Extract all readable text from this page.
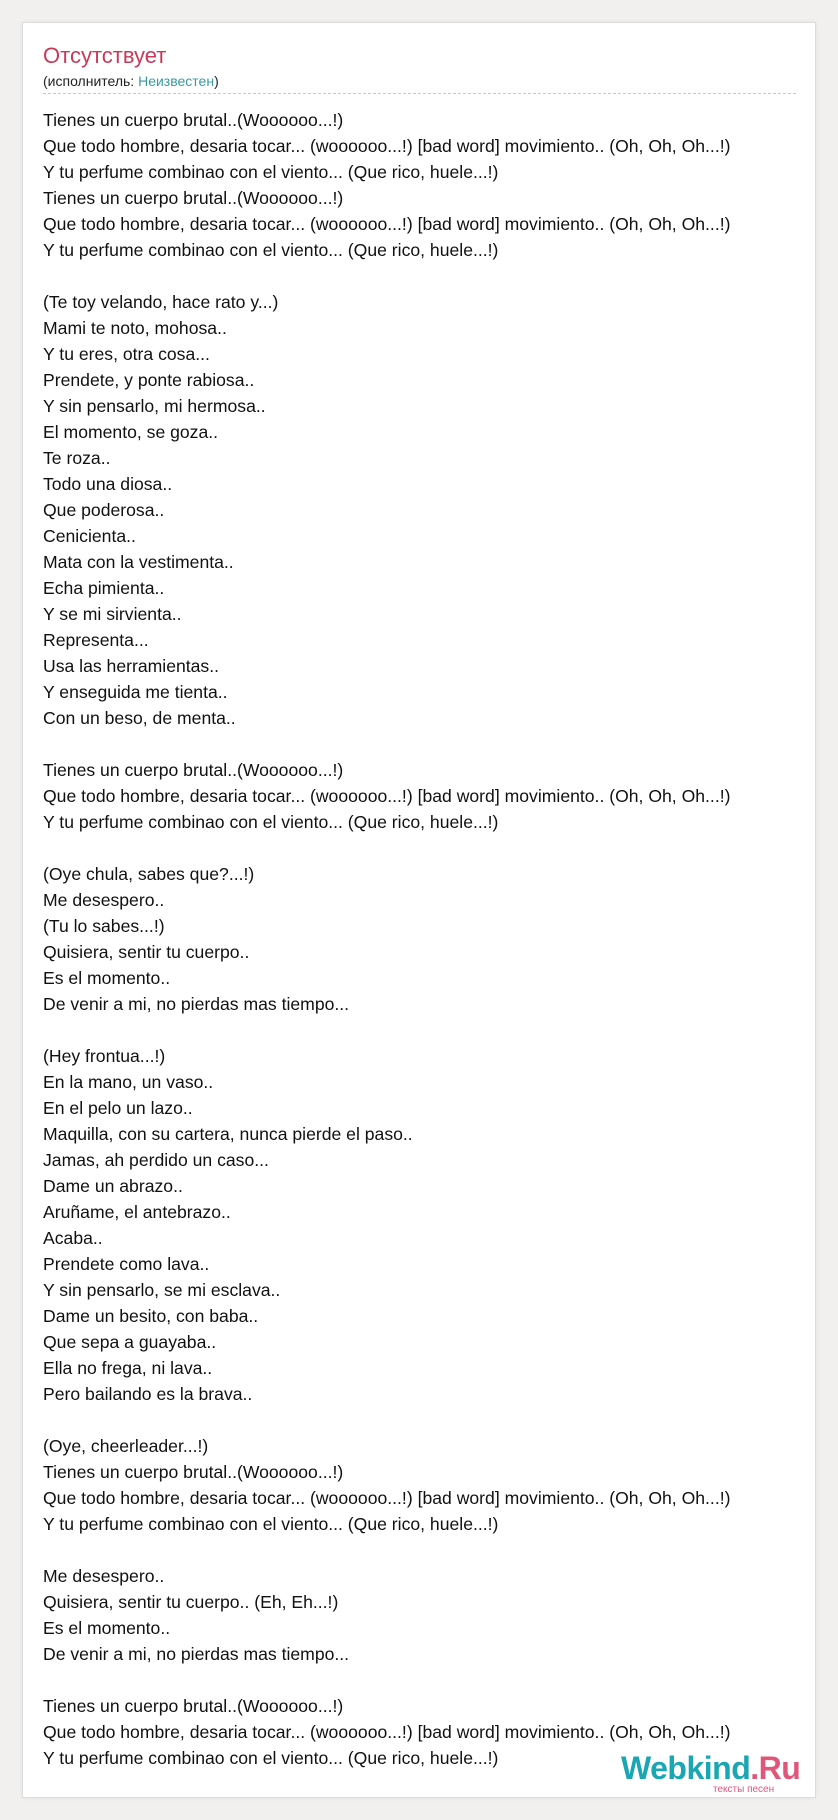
Отсутствует
(исполнитель: Неизвестен)
Tienes un cuerpo brutal..(Woooooo...!)
Que todo hombre, desaria tocar... (woooooo...!) [bad word] movimiento.. (Oh, Oh, Oh...!)
Y tu perfume combinao con el viento... (Que rico, huele...!)
Tienes un cuerpo brutal..(Woooooo...!)
Que todo hombre, desaria tocar... (woooooo...!) [bad word] movimiento.. (Oh, Oh, Oh...!)
Y tu perfume combinao con el viento... (Que rico, huele...!)
(Te toy velando, hace rato y...)
Mami te noto, mohosa..
Y tu eres, otra cosa...
Prendete, y ponte rabiosa..
Y sin pensarlo, mi hermosa..
El momento, se goza..
Te roza..
Todo una diosa..
Que poderosa..
Cenicienta..
Mata con la vestimenta..
Echa pimienta..
Y se mi sirvienta..
Representa...
Usa las herramientas..
Y enseguida me tienta..
Con un beso, de menta..
Tienes un cuerpo brutal..(Woooooo...!)
Que todo hombre, desaria tocar... (woooooo...!) [bad word] movimiento.. (Oh, Oh, Oh...!)
Y tu perfume combinao con el viento... (Que rico, huele...!)
(Oye chula, sabes que?...!)
Me desespero..
(Tu lo sabes...!)
Quisiera, sentir tu cuerpo..
Es el momento..
De venir a mi, no pierdas mas tiempo...
(Hey frontua...!)
En la mano, un vaso..
En el pelo un lazo..
Maquilla, con su cartera, nunca pierde el paso..
Jamas, ah perdido un caso...
Dame un abrazo..
Aruñame, el antebrazo..
Acaba..
Prendete como lava..
Y sin pensarlo, se mi esclava..
Dame un besito, con baba..
Que sepa a guayaba..
Ella no frega, ni lava..
Pero bailando es la brava..
(Oye, cheerleader...!)
Tienes un cuerpo brutal..(Woooooo...!)
Que todo hombre, desaria tocar... (woooooo...!) [bad word] movimiento.. (Oh, Oh, Oh...!)
Y tu perfume combinao con el viento... (Que rico, huele...!)
Me desespero..
Quisiera, sentir tu cuerpo.. (Eh, Eh...!)
Es el momento..
De venir a mi, no pierdas mas tiempo...
Tienes un cuerpo brutal..(Woooooo...!)
Que todo hombre, desaria tocar... (woooooo...!) [bad word] movimiento.. (Oh, Oh, Oh...!)
Y tu perfume combinao con el viento... (Que rico, huele...!)	Webkind.Ru
тексты песен
